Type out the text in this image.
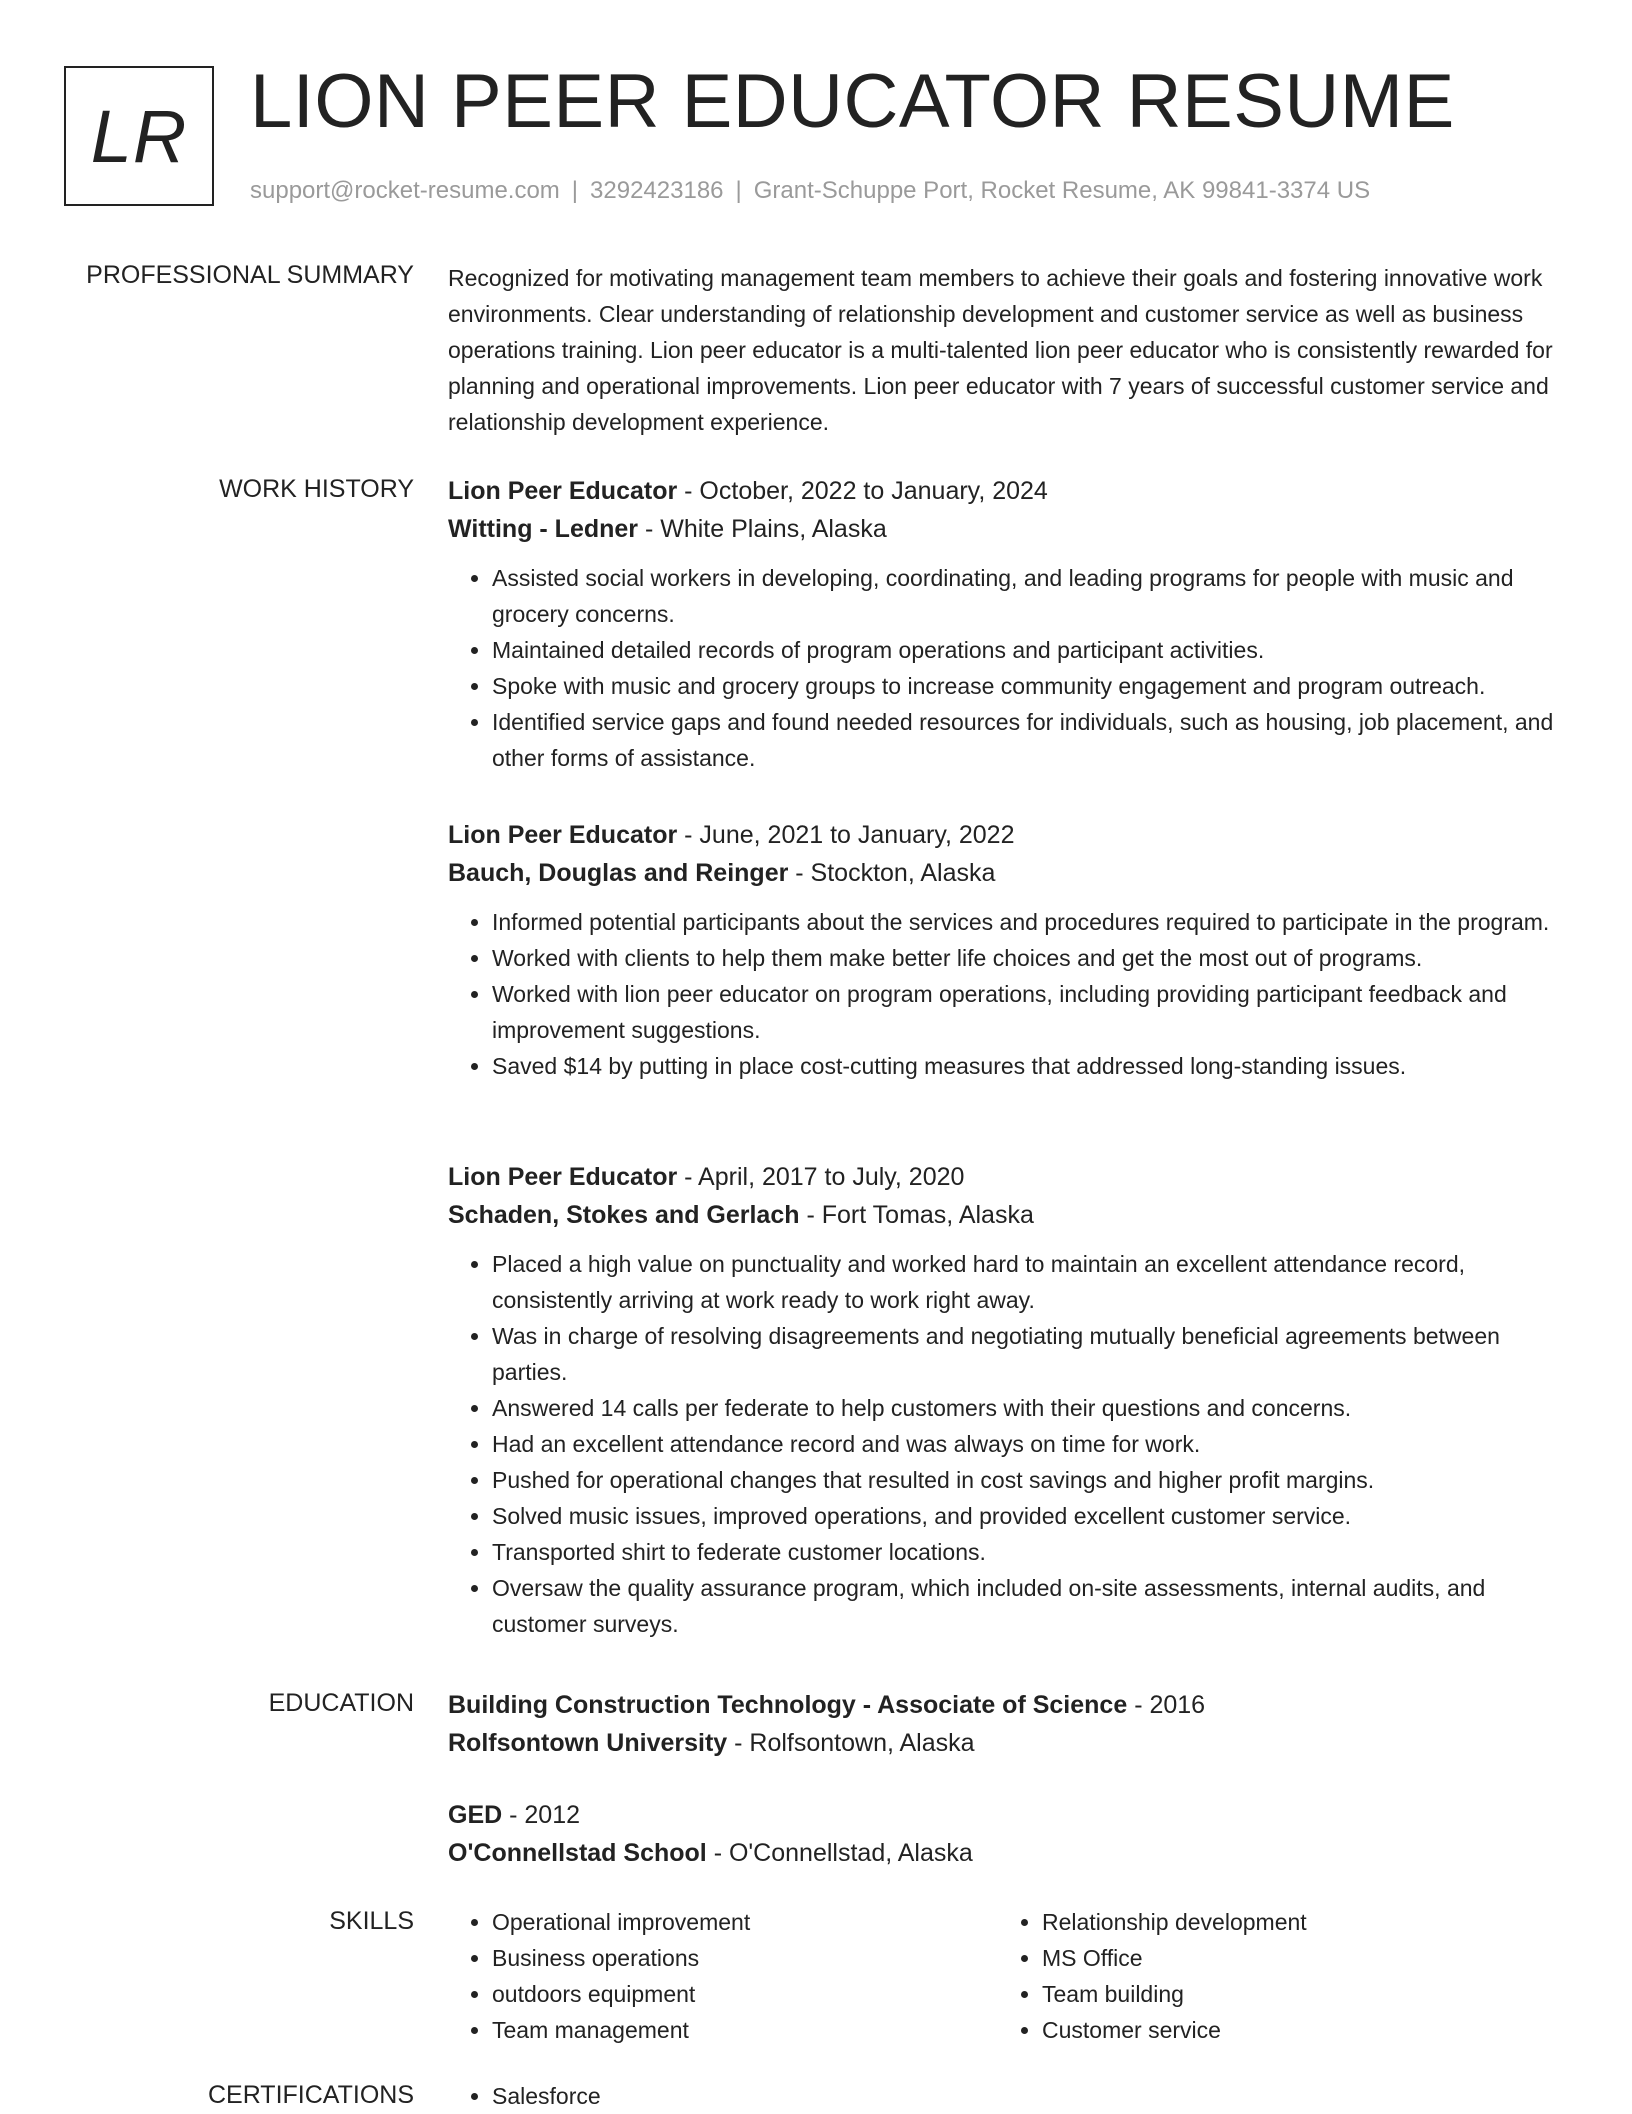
LR LION PEER EDUCATOR RESUME
support@rocket-resume.com | 3292423186 | Grant-Schuppe Port, Rocket Resume, AK 99841-3374 US
PROFESSIONAL SUMMARY Recognized for motivating management team members to achieve their goals and fostering innovative work environments. Clear understanding of relationship development and customer service as well as business operations training. Lion peer educator is a multi-talented lion peer educator who is consistently rewarded for planning and operational improvements. Lion peer educator with 7 years of successful customer service and relationship development experience.

WORK HISTORY Lion Peer Educator - October, 2022 to January, 2024

Witting - Ledner - White Plains, Alaska

• Assisted social workers in developing, coordinating, and leading programs for people with music and grocery concerns.
• Maintained detailed records of program operations and participant activities.
• Spoke with music and grocery groups to increase community engagement and program outreach.
• Identified service gaps and found needed resources for individuals, such as housing, job placement, and other forms of assistance.

Lion Peer Educator - June, 2021 to January, 2022

Bauch, Douglas and Reinger - Stockton, Alaska

• Informed potential participants about the services and procedures required to participate in the program.
• Worked with clients to help them make better life choices and get the most out of programs.
• Worked with lion peer educator on program operations, including providing participant feedback and improvement suggestions.
• Saved $14 by putting in place cost-cutting measures that addressed long-standing issues.

Lion Peer Educator - April, 2017 to July, 2020

Schaden, Stokes and Gerlach - Fort Tomas, Alaska

• Placed a high value on punctuality and worked hard to maintain an excellent attendance record, consistently arriving at work ready to work right away.
• Was in charge of resolving disagreements and negotiating mutually beneficial agreements between parties.
• Answered 14 calls per federate to help customers with their questions and concerns.
• Had an excellent attendance record and was always on time for work.
• Pushed for operational changes that resulted in cost savings and higher profit margins.
• Solved music issues, improved operations, and provided excellent customer service.
• Transported shirt to federate customer locations.
• Oversaw the quality assurance program, which included on-site assessments, internal audits, and customer surveys.
EDUCATION Building Construction Technology - Associate of Science - 2016

Rolfsontown University - Rolfsontown, Alaska

GED - 2012

O'Connellstad School - O'Connellstad, Alaska

SKILLS	• Operational improvement
• Business operations
• outdoors equipment
• Team management
• Relationship development
• MS Office
• Team building
• Customer service
CERTIFICATIONS	• Salesforce
